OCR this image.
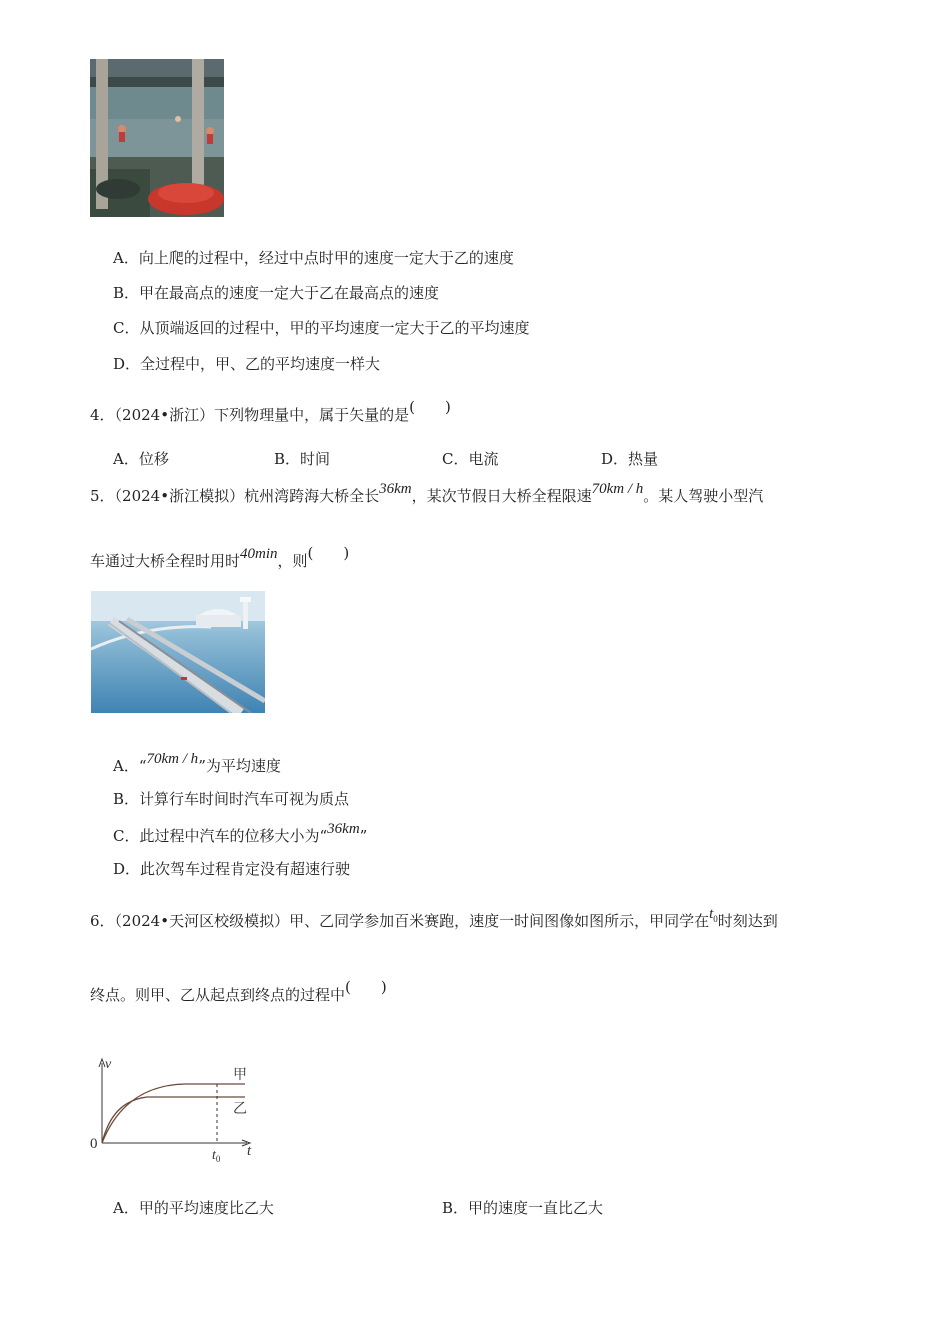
A．向上爬的过程中，经过中点时甲的速度一定大于乙的速度
B．甲在最高点的速度一定大于乙在最高点的速度
C．从顶端返回的过程中，甲的平均速度一定大于乙的平均速度
D．全过程中，甲、乙的平均速度一样大
4．（2024•浙江）下列物理量中，属于矢量的是(　　)
A．位移	B．时间	C．电流	D．热量
5．（2024•浙江模拟）杭州湾跨海大桥全长36km，某次节假日大桥全程限速70km / h。某人驾驶小型汽
车通过大桥全程时用时40min，则(　　)
A．“70km / h”为平均速度
B．计算行车时间时汽车可视为质点
C．此过程中汽车的位移大小为“36km”
D．此次驾车过程肯定没有超速行驶
6．（2024•天河区校级模拟）甲、乙同学参加百米赛跑，速度一时间图像如图所示，甲同学在$t_0$时刻达到
终点。则甲、乙从起点到终点的过程中(　　)
v
t
0
甲
乙
$t_0$
A．甲的平均速度比乙大	B．甲的速度一直比乙大
